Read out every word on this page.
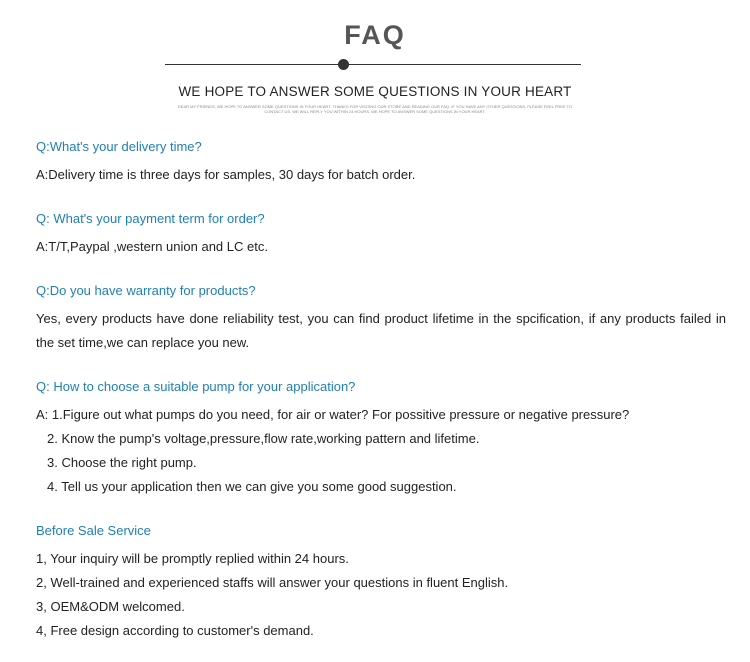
FAQ
WE HOPE TO ANSWER SOME QUESTIONS IN YOUR HEART
DEAR MY FRIENDS, WE HOPE TO ANSWER SOME QUESTIONS IN YOUR HEART. THANKS FOR VISITING OUR STORE AND READING OUR FAQ. IF YOU HAVE ANY OTHER QUESTIONS, PLEASE FEEL FREE TO CONTACT US. WE WILL REPLY YOU WITHIN 24 HOURS. WE HOPE TO ANSWER SOME QUESTIONS IN YOUR HEART.

Q:What's your delivery time?

A:Delivery time is three days for samples, 30 days for batch order.

Q: What's your payment term for order?

A:T/T,Paypal ,western union and LC etc.

Q:Do you have warranty for products?

Yes, every products have done reliability test, you can find product lifetime in the spcification, if any products failed in the set time,we can replace you new.

Q: How to choose a suitable pump for your application?

A: 1.Figure out what pumps do you need, for air or water? For possitive pressure or negative pressure?

2. Know the pump's voltage,pressure,flow rate,working pattern and lifetime.

3. Choose the right pump.

4. Tell us your application then we can give you some good suggestion.

Before Sale Service

1, Your inquiry will be promptly replied within 24 hours.

2, Well-trained and experienced staffs will answer your questions in fluent English.

3, OEM&ODM welcomed.

4, Free design according to customer's demand.
